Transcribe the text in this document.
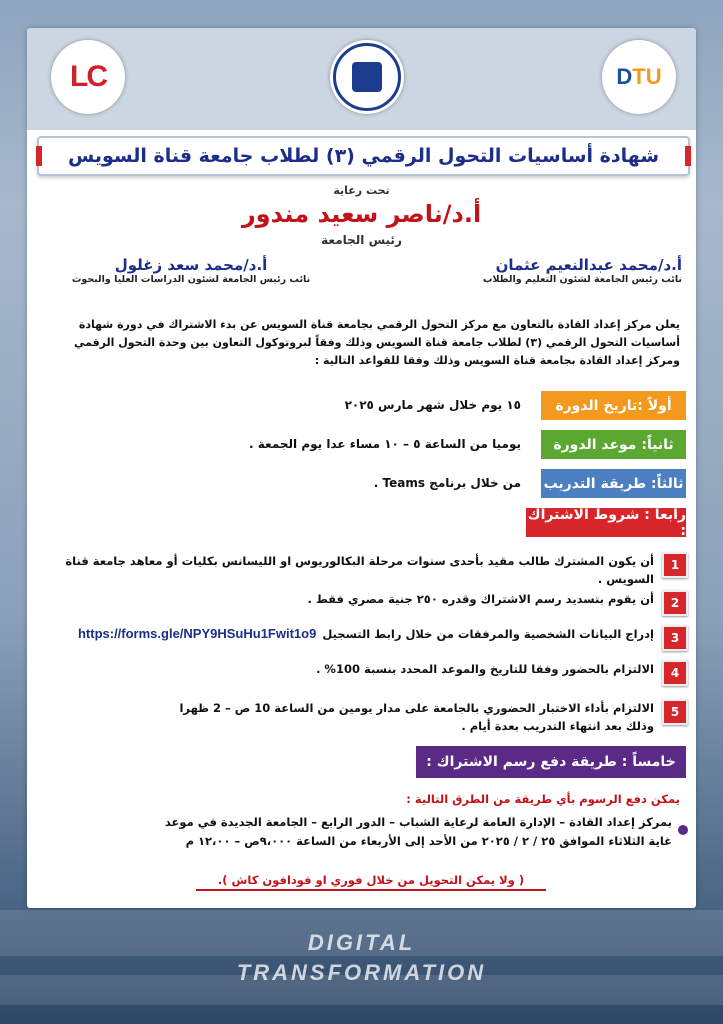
LC	DTU
شهادة أساسيات التحول الرقمي (٣) لطلاب جامعة قناة السويس
تحت رعاية
أ.د/ناصر سعيد مندور
رئيس الجامعة
أ.د/محمد عبدالنعيم عثمان
نائب رئيس الجامعة لشئون التعليم والطلاب
أ.د/محمد سعد زغلول
نائب رئيس الجامعة لشئون الدراسات العليا والبحوث
يعلن مركز إعداد القادة بالتعاون مع مركز التحول الرقمي بجامعة قناة السويس عن بدء الاشتراك في دورة شهادة أساسيات التحول الرقمي (٣) لطلاب جامعة قناة السويس وذلك وفقاً لبروتوكول التعاون بين وحدة التحول الرقمي ومركز إعداد القادة بجامعة قناة السويس وذلك وفقا للقواعد التالية :
أولاً :تاريخ الدورة
١٥ يوم خلال شهر مارس ٢٠٢٥
ثانياً: موعد الدورة
يوميا من الساعة ٥ – ١٠ مساء عدا يوم الجمعة .
ثالثاً: طريقة التدريب
من خلال برنامج Teams .
رابعاً : شروط الاشتراك :
1
أن يكون المشترك طالب مقيد بأحدى سنوات مرحلة البكالوريوس او الليسانس بكليات أو معاهد جامعة قناة السويس .
2
أن يقوم بتسديد رسم الاشتراك وقدره ٢٥٠ جنية مصري فقط .
3
إدراج البيانات الشخصية والمرفقات من خلال رابط التسجيل
https://forms.gle/NPY9HSuHu1Fwit1o9
4
الالتزام بالحضور وفقا للتاريخ والموعد المحدد بنسبة 100% .
5
الالتزام بأداء الاختبار الحضوري بالجامعة على مدار يومين من الساعة 10 ص – 2 ظهرا
وذلك بعد انتهاء التدريب بعدة أيام .
خامساً : طريقة دفع رسم الاشتراك :
يمكن دفع الرسوم بأي طريقة من الطرق التالية :
بمركز إعداد القادة – الإدارة العامة لرعاية الشباب – الدور الرابع – الجامعة الجديدة في موعد
غاية الثلاثاء الموافق ٢٥ / ٢ / ٢٠٢٥ من الأحد إلى الأربعاء من الساعة ٩،٠٠٠ص – ١٢،٠٠ م
( ولا يمكن التحويل من خلال فوري او فودافون كاش ).
DIGITAL
TRANSFORMATION
